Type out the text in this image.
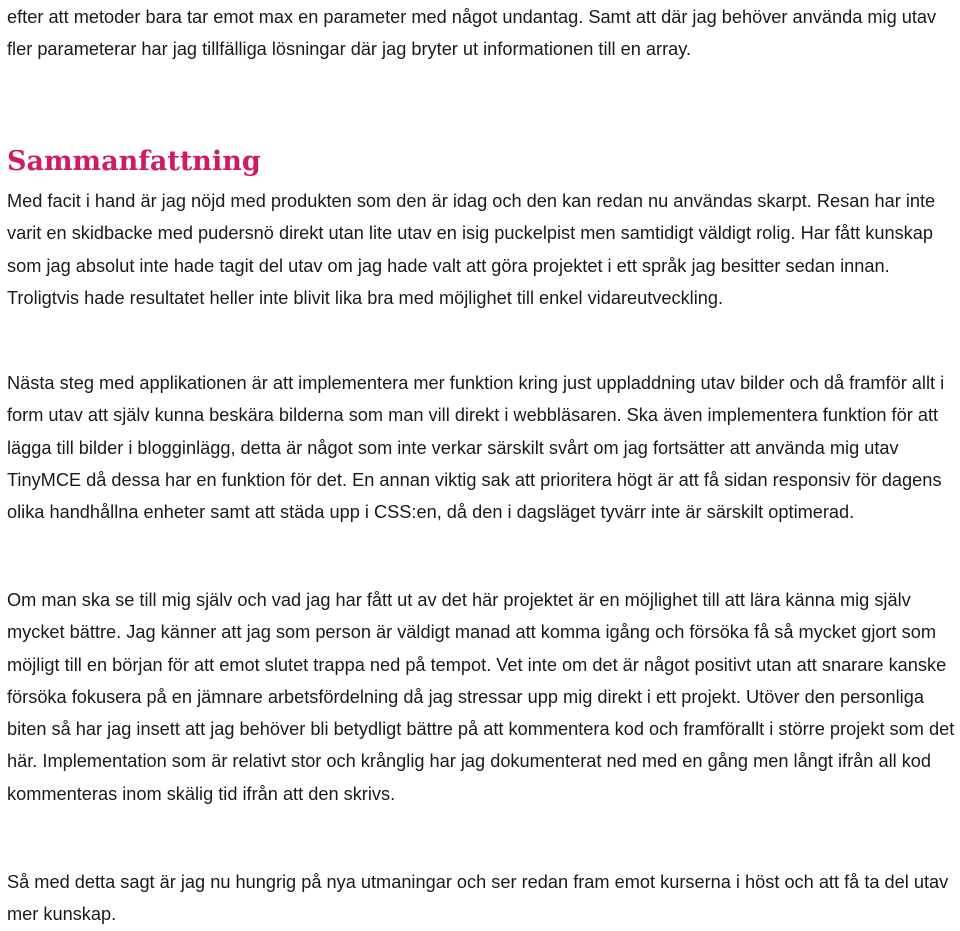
efter att metoder bara tar emot max en parameter med något undantag. Samt att där jag behöver använda mig utav fler parameterar har jag tillfälliga lösningar där jag bryter ut informationen till en array.

Sammanfattning

Med facit i hand är jag nöjd med produkten som den är idag och den kan redan nu användas skarpt. Resan har inte varit en skidbacke med pudersnö direkt utan lite utav en isig puckelpist men samtidigt väldigt rolig. Har fått kunskap som jag absolut inte hade tagit del utav om jag hade valt att göra projektet i ett språk jag besitter sedan innan. Troligtvis hade resultatet heller inte blivit lika bra med möjlighet till enkel vidareutveckling.

Nästa steg med applikationen är att implementera mer funktion kring just uppladdning utav bilder och då framför allt i form utav att själv kunna beskära bilderna som man vill direkt i webbläsaren. Ska även implementera funktion för att lägga till bilder i blogginlägg, detta är något som inte verkar särskilt svårt om jag fortsätter att använda mig utav TinyMCE då dessa har en funktion för det. En annan viktig sak att prioritera högt är att få sidan responsiv för dagens olika handhållna enheter samt att städa upp i CSS:en, då den i dagsläget tyvärr inte är särskilt optimerad.

Om man ska se till mig själv och vad jag har fått ut av det här projektet är en möjlighet till att lära känna mig själv mycket bättre. Jag känner att jag som person är väldigt manad att komma igång och försöka få så mycket gjort som möjligt till en början för att emot slutet trappa ned på tempot. Vet inte om det är något positivt utan att snarare kanske försöka fokusera på en jämnare arbetsfördelning då jag stressar upp mig direkt i ett projekt. Utöver den personliga biten så har jag insett att jag behöver bli betydligt bättre på att kommentera kod och framförallt i större projekt som det här. Implementation som är relativt stor och krånglig har jag dokumenterat ned med en gång men långt ifrån all kod kommenteras inom skälig tid ifrån att den skrivs.

Så med detta sagt är jag nu hungrig på nya utmaningar och ser redan fram emot kurserna i höst och att få ta del utav mer kunskap.
